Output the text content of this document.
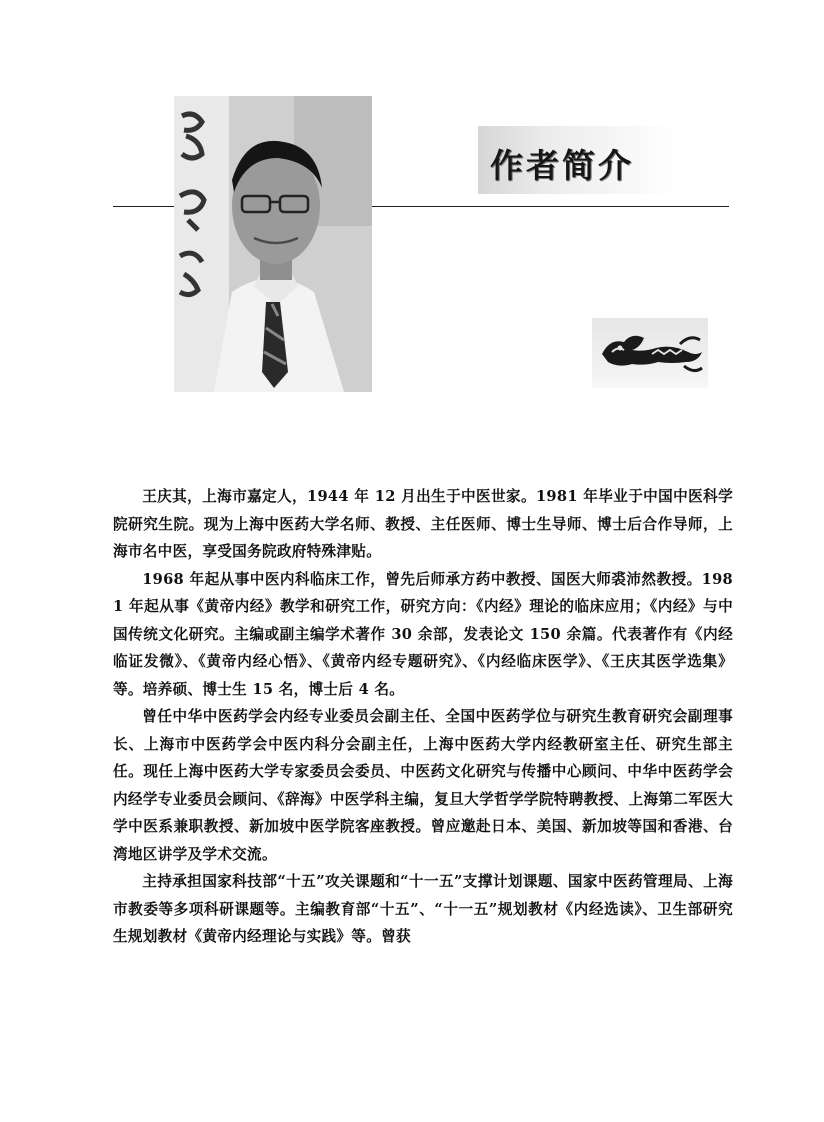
作者简介

王庆其，上海市嘉定人，1944 年 12 月出生于中医世家。1981 年毕业于中国中医科学院研究生院。现为上海中医药大学名师、教授、主任医师、博士生导师、博士后合作导师，上海市名中医，享受国务院政府特殊津贴。

1968 年起从事中医内科临床工作，曾先后师承方药中教授、国医大师裘沛然教授。1981 年起从事《黄帝内经》教学和研究工作，研究方向：《内经》理论的临床应用；《内经》与中国传统文化研究。主编或副主编学术著作 30 余部，发表论文 150 余篇。代表著作有《内经临证发微》、《黄帝内经心悟》、《黄帝内经专题研究》、《内经临床医学》、《王庆其医学选集》等。培养硕、博士生 15 名，博士后 4 名。

曾任中华中医药学会内经专业委员会副主任、全国中医药学位与研究生教育研究会副理事长、上海市中医药学会中医内科分会副主任，上海中医药大学内经教研室主任、研究生部主任。现任上海中医药大学专家委员会委员、中医药文化研究与传播中心顾问、中华中医药学会内经学专业委员会顾问、《辞海》中医学科主编，复旦大学哲学学院特聘教授、上海第二军医大学中医系兼职教授、新加坡中医学院客座教授。曾应邀赴日本、美国、新加坡等国和香港、台湾地区讲学及学术交流。

主持承担国家科技部“十五”攻关课题和“十一五”支撑计划课题、国家中医药管理局、上海市教委等多项科研课题等。主编教育部“十五”、“十一五”规划教材《内经选读》、卫生部研究生规划教材《黄帝内经理论与实践》等。曾获
